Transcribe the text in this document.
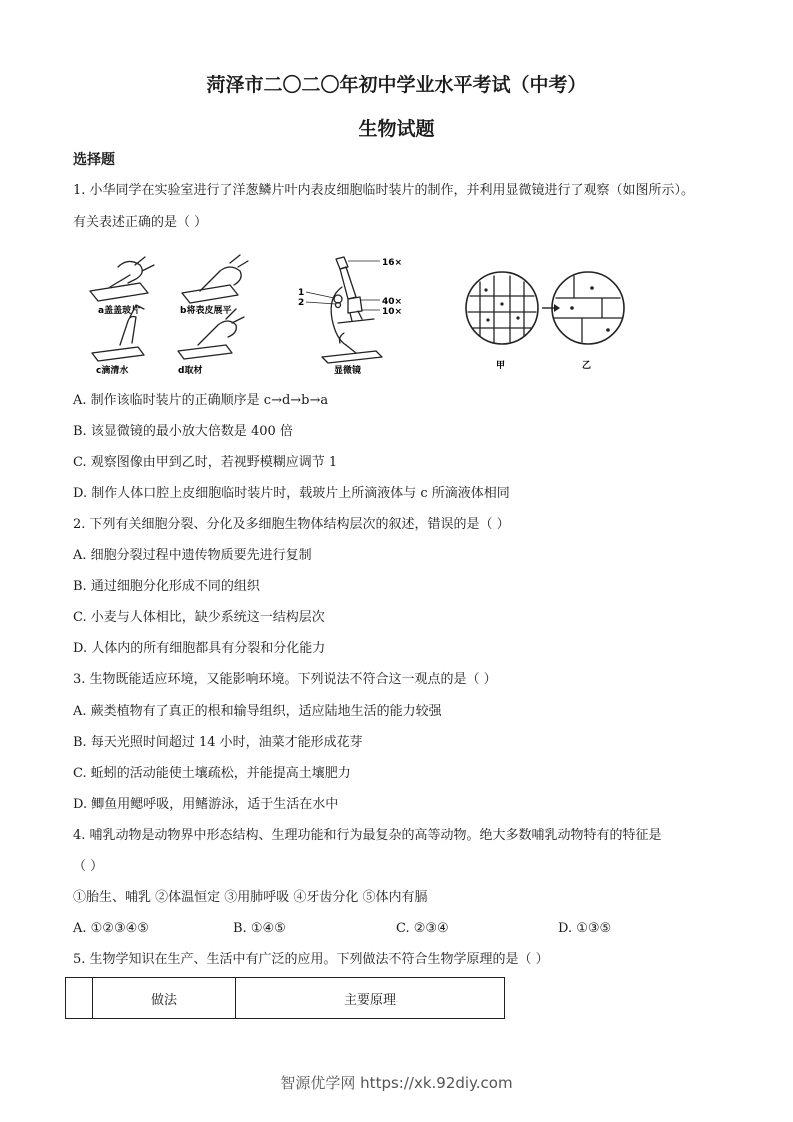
菏泽市二〇二〇年初中学业水平考试（中考）
生物试题
选择题
1. 小华同学在实验室进行了洋葱鳞片叶内表皮细胞临时装片的制作，并利用显微镜进行了观察（如图所示）。
有关表述正确的是（ ）
a盖盖玻片	b将表皮展平
c滴清水	d取材
1
2
16×
40×
10×
显微镜	甲	乙
A. 制作该临时装片的正确顺序是 c→d→b→a
B. 该显微镜的最小放大倍数是 400 倍
C. 观察图像由甲到乙时，若视野模糊应调节 1
D. 制作人体口腔上皮细胞临时装片时，载玻片上所滴液体与 c 所滴液体相同
2. 下列有关细胞分裂、分化及多细胞生物体结构层次的叙述，错误的是（ ）
A. 细胞分裂过程中遗传物质要先进行复制
B. 通过细胞分化形成不同的组织
C. 小麦与人体相比，缺少系统这一结构层次
D. 人体内的所有细胞都具有分裂和分化能力
3. 生物既能适应环境，又能影响环境。下列说法不符合这一观点的是（ ）
A. 蕨类植物有了真正的根和输导组织，适应陆地生活的能力较强
B. 每天光照时间超过 14 小时，油菜才能形成花芽
C. 蚯蚓的活动能使土壤疏松，并能提高土壤肥力
D. 鲫鱼用鳃呼吸，用鳍游泳，适于生活在水中
4. 哺乳动物是动物界中形态结构、生理功能和行为最复杂的高等动物。绝大多数哺乳动物特有的特征是
（ ）
①胎生、哺乳 ②体温恒定 ③用肺呼吸 ④牙齿分化 ⑤体内有膈
A. ①②③④⑤	B. ①④⑤	C. ②③④	D. ①③⑤
5. 生物学知识在生产、生活中有广泛的应用。下列做法不符合生物学原理的是（ ）
	做法	主要原理
智源优学网 https://xk.92diy.com
